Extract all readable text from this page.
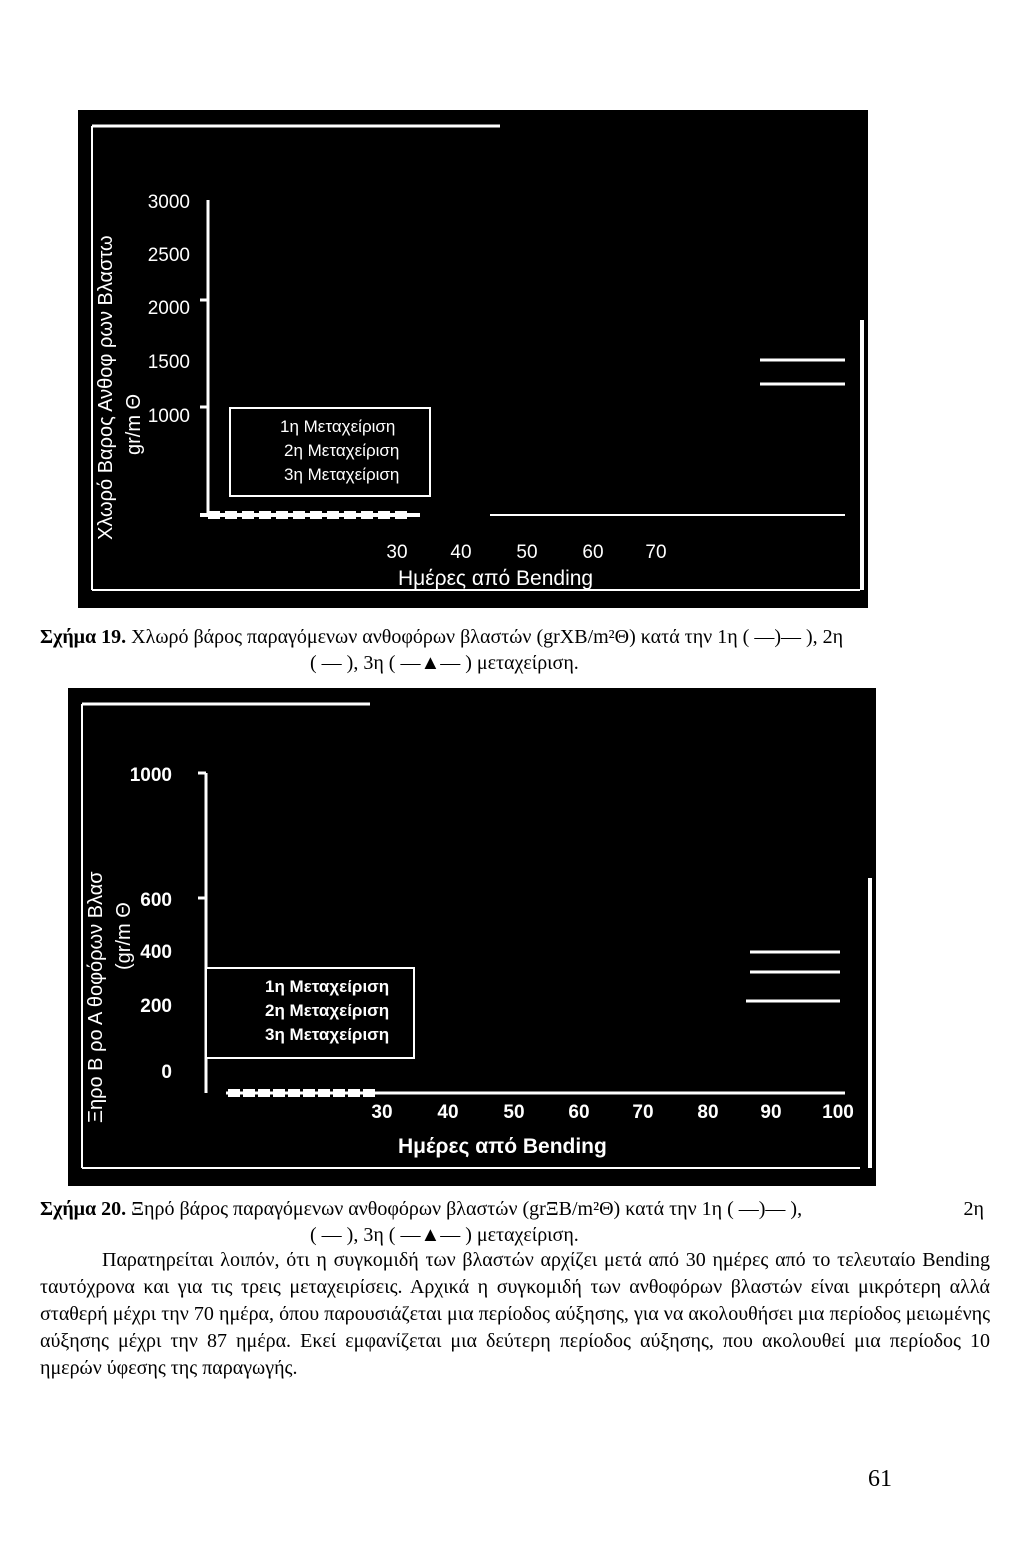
Χλωρό Βαρος Ανθοφ ρων Βλαστω gr/m Θ
3000
2500
2000
1500
1000
30 40 50 60 70
Ημέρες από Bending
1η Μεταχείριση
2η Μεταχείριση
3η Μεταχείριση
Σχήμα 19. Χλωρό βάρος παραγόμενων ανθοφόρων βλαστών (grΧΒ/m²Θ) κατά την 1η ( —)— ), 2η
( — ), 3η ( —▲— ) μεταχείριση.
Ξηρο Β ρο Α θοφόρων Βλασ (gr/m Θ
1000
600
400
200
0
30 40 50 60 70 80 90 100
Ημέρες από Bending
1η Μεταχείριση
2η Μεταχείριση
3η Μεταχείριση
Σχήμα 20. Ξηρό βάρος παραγόμενων ανθοφόρων βλαστών (grΞΒ/m²Θ) κατά την 1η ( —)— ),	2η
( — ), 3η ( —▲— ) μεταχείριση.
Παρατηρείται λοιπόν, ότι η συγκομιδή των βλαστών αρχίζει μετά από 30 ημέρες από το τελευταίο Bending ταυτόχρονα και για τις τρεις μεταχειρίσεις. Αρχικά η συγκομιδή των ανθοφόρων βλαστών είναι μικρότερη αλλά σταθερή μέχρι την 70 ημέρα, όπου παρουσιάζεται μια περίοδος αύξησης, για να ακολουθήσει μια περίοδος μειωμένης αύξησης μέχρι την 87 ημέρα. Εκεί εμφανίζεται μια δεύτερη περίοδος αύξησης, που ακολουθεί μια περίοδος 10 ημερών ύφεσης της παραγωγής.
61
